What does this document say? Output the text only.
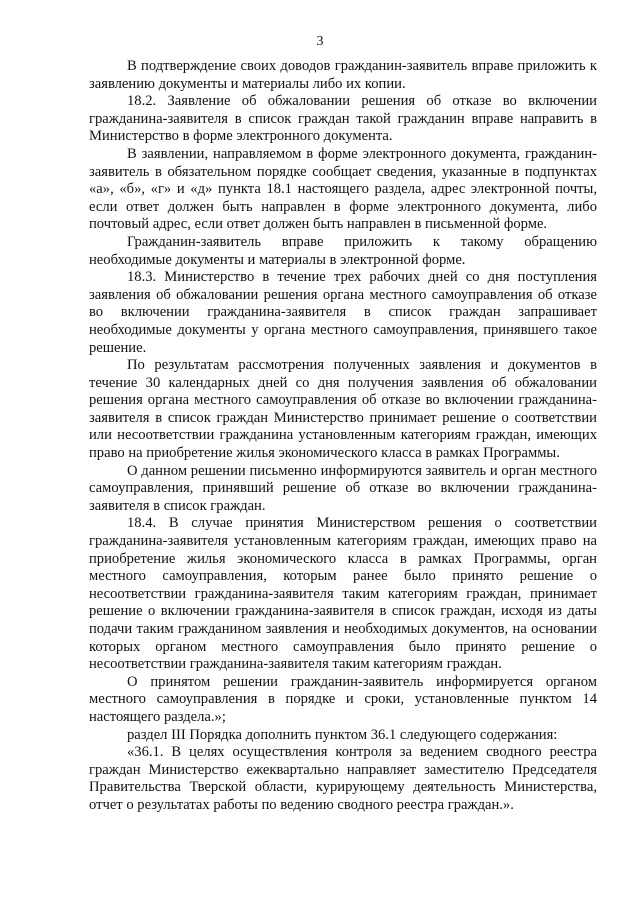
3

В подтверждение своих доводов гражданин-заявитель вправе приложить к заявлению документы и материалы либо их копии.

18.2. Заявление об обжаловании решения об отказе во включении гражданина-заявителя в список граждан такой гражданин вправе направить в Министерство в форме электронного документа.

В заявлении, направляемом в форме электронного документа, гражданин-заявитель в обязательном порядке сообщает сведения, указанные в подпунктах «а», «б», «г» и «д» пункта 18.1 настоящего раздела, адрес электронной почты, если ответ должен быть направлен в форме электронного документа, либо почтовый адрес, если ответ должен быть направлен в письменной форме.

Гражданин-заявитель вправе приложить к такому обращению необходимые документы и материалы в электронной форме.

18.3. Министерство в течение трех рабочих дней со дня поступления заявления об обжаловании решения органа местного самоуправления об отказе во включении гражданина-заявителя в список граждан запрашивает необходимые документы у органа местного самоуправления, принявшего такое решение.

По результатам рассмотрения полученных заявления и документов в течение 30 календарных дней со дня получения заявления об обжаловании решения органа местного самоуправления об отказе во включении гражданина-заявителя в список граждан Министерство принимает решение о соответствии или несоответствии гражданина установленным категориям граждан, имеющих право на приобретение жилья экономического класса в рамках Программы.

О данном решении письменно информируются заявитель и орган местного самоуправления, принявший решение об отказе во включении гражданина-заявителя в список граждан.

18.4. В случае принятия Министерством решения о соответствии гражданина-заявителя установленным категориям граждан, имеющих право на приобретение жилья экономического класса в рамках Программы, орган местного самоуправления, которым ранее было принято решение о несоответствии гражданина-заявителя таким категориям граждан, принимает решение о включении гражданина-заявителя в список граждан, исходя из даты подачи таким гражданином заявления и необходимых документов, на основании которых органом местного самоуправления было принято решение о несоответствии гражданина-заявителя таким категориям граждан.

О принятом решении гражданин-заявитель информируется органом местного самоуправления в порядке и сроки, установленные пунктом 14 настоящего раздела.»;

раздел III Порядка дополнить пунктом 36.1 следующего содержания:

«36.1. В целях осуществления контроля за ведением сводного реестра граждан Министерство ежеквартально направляет заместителю Председателя Правительства Тверской области, курирующему деятельность Министерства, отчет о результатах работы по ведению сводного реестра граждан.».
